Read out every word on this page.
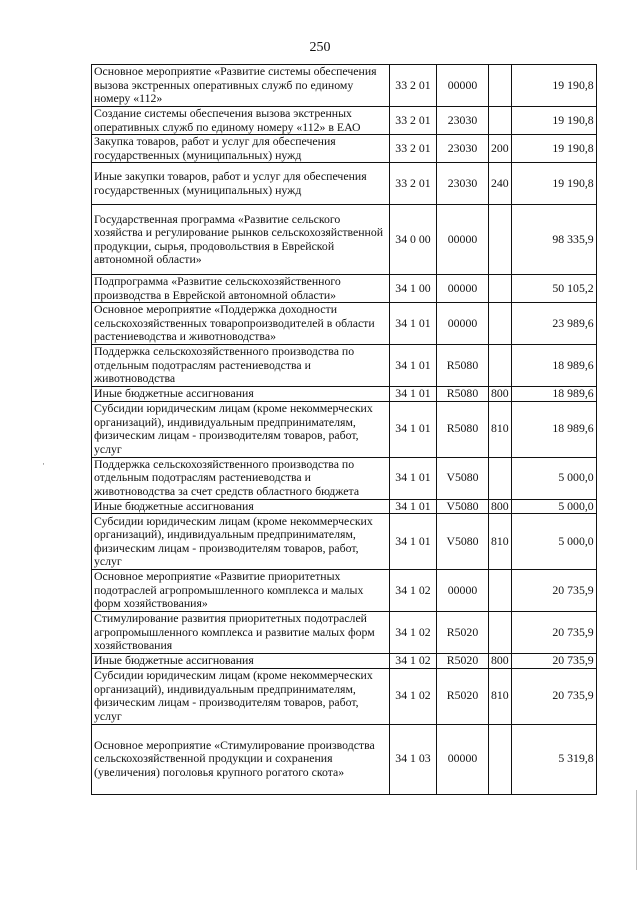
250
Основное мероприятие «Развитие системы обеспечения вызова экстренных оперативных служб по единому номеру «112»	33 2 01	00000		19 190,8
Создание системы обеспечения вызова экстренных оперативных служб по единому номеру «112» в ЕАО	33 2 01	23030		19 190,8
Закупка товаров, работ и услуг для обеспечения государственных (муниципальных) нужд	33 2 01	23030	200	19 190,8
Иные закупки товаров, работ и услуг для обеспечения государственных (муниципальных) нужд	33 2 01	23030	240	19 190,8
Государственная программа «Развитие сельского хозяйства и регулирование рынков сельскохозяйственной продукции, сырья, продовольствия в Еврейской автономной области»	34 0 00	00000		98 335,9
Подпрограмма «Развитие сельскохозяйственного производства в Еврейской автономной области»	34 1 00	00000		50 105,2
Основное мероприятие «Поддержка доходности сельскохозяйственных товаропроизводителей в области растениеводства и животноводства»	34 1 01	00000		23 989,6
Поддержка сельскохозяйственного производства по отдельным подотраслям растениеводства и животноводства	34 1 01	R5080		18 989,6
Иные бюджетные ассигнования	34 1 01	R5080	800	18 989,6
Субсидии юридическим лицам (кроме некоммерческих организаций), индивидуальным предпринимателям, физическим лицам - производителям товаров, работ, услуг	34 1 01	R5080	810	18 989,6
Поддержка сельскохозяйственного производства по отдельным подотраслям растениеводства и животноводства за счет средств областного бюджета	34 1 01	V5080		5 000,0
Иные бюджетные ассигнования	34 1 01	V5080	800	5 000,0
Субсидии юридическим лицам (кроме некоммерческих организаций), индивидуальным предпринимателям, физическим лицам - производителям товаров, работ, услуг	34 1 01	V5080	810	5 000,0
Основное мероприятие «Развитие приоритетных подотраслей агропромышленного комплекса и малых форм хозяйствования»	34 1 02	00000		20 735,9
Стимулирование развития приоритетных подотраслей агропромышленного комплекса и развитие малых форм хозяйствования	34 1 02	R5020		20 735,9
Иные бюджетные ассигнования	34 1 02	R5020	800	20 735,9
Субсидии юридическим лицам (кроме некоммерческих организаций), индивидуальным предпринимателям, физическим лицам - производителям товаров, работ, услуг	34 1 02	R5020	810	20 735,9
Основное мероприятие «Стимулирование производства сельскохозяйственной продукции и сохранения (увеличения) поголовья крупного рогатого скота»	34 1 03	00000		5 319,8
·
